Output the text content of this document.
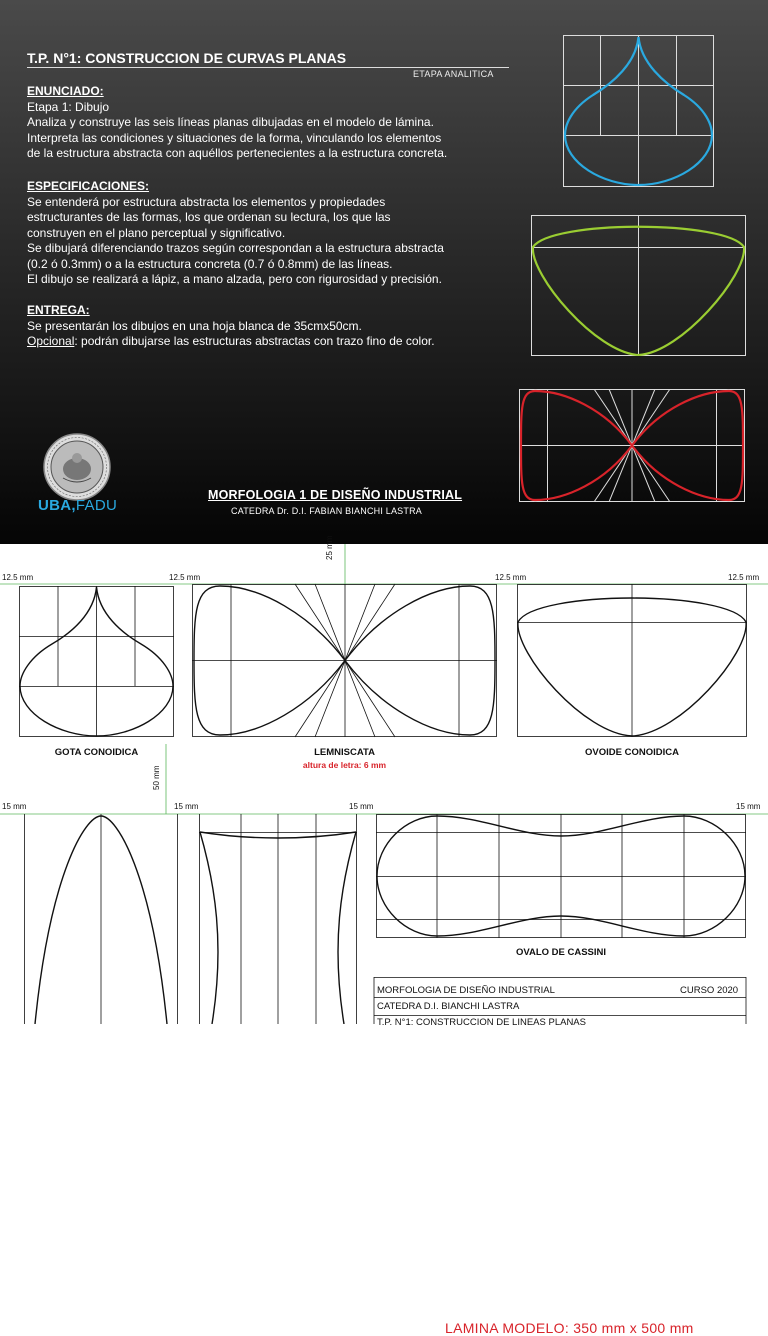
T.P. N°1: CONSTRUCCION DE CURVAS PLANAS
ETAPA ANALITICA
ENUNCIADO:

Etapa 1: Dibujo

Analiza y construye las seis líneas planas dibujadas en el modelo de lámina.

Interpreta las condiciones y situaciones de la forma, vinculando los elementos

de la estructura abstracta con aquéllos pertenecientes a la estructura concreta.

ESPECIFICACIONES:

Se entenderá por estructura abstracta los elementos y propiedades

estructurantes de las formas, los que ordenan su lectura, los que las

construyen en el plano perceptual y significativo.

Se dibujará diferenciando trazos según correspondan a la estructura abstracta

(0.2 ó 0.3mm) o a la estructura concreta (0.7 ó 0.8mm) de las líneas.

El dibujo se realizará a lápiz, a mano alzada, pero con rigurosidad y precisión.

ENTREGA:

Se presentarán los dibujos en una hoja blanca de 35cmx50cm.

Opcional: podrán dibujarse las estructuras abstractas con trazo fino de color.

UBA,FADU
MORFOLOGIA 1 DE DISEÑO INDUSTRIAL
CATEDRA Dr. D.I. FABIAN BIANCHI LASTRA
12.5 mm	12.5 mm	12.5 mm	12.5 mm
25 mm
50 mm
15 mm	15 mm	15 mm	15 mm
GOTA CONOIDICA	LEMNISCATA
altura de letra: 6 mm
OVOIDE CONOIDICA
LAMINA MODELO: 350 mm x 500 mm
OVALO DE CASSINI
MORFOLOGIA DE DISEÑO INDUSTRIAL	CURSO 2020
CATEDRA D.I. BIANCHI LASTRA
T.P. N°1: CONSTRUCCION DE LINEAS PLANAS
